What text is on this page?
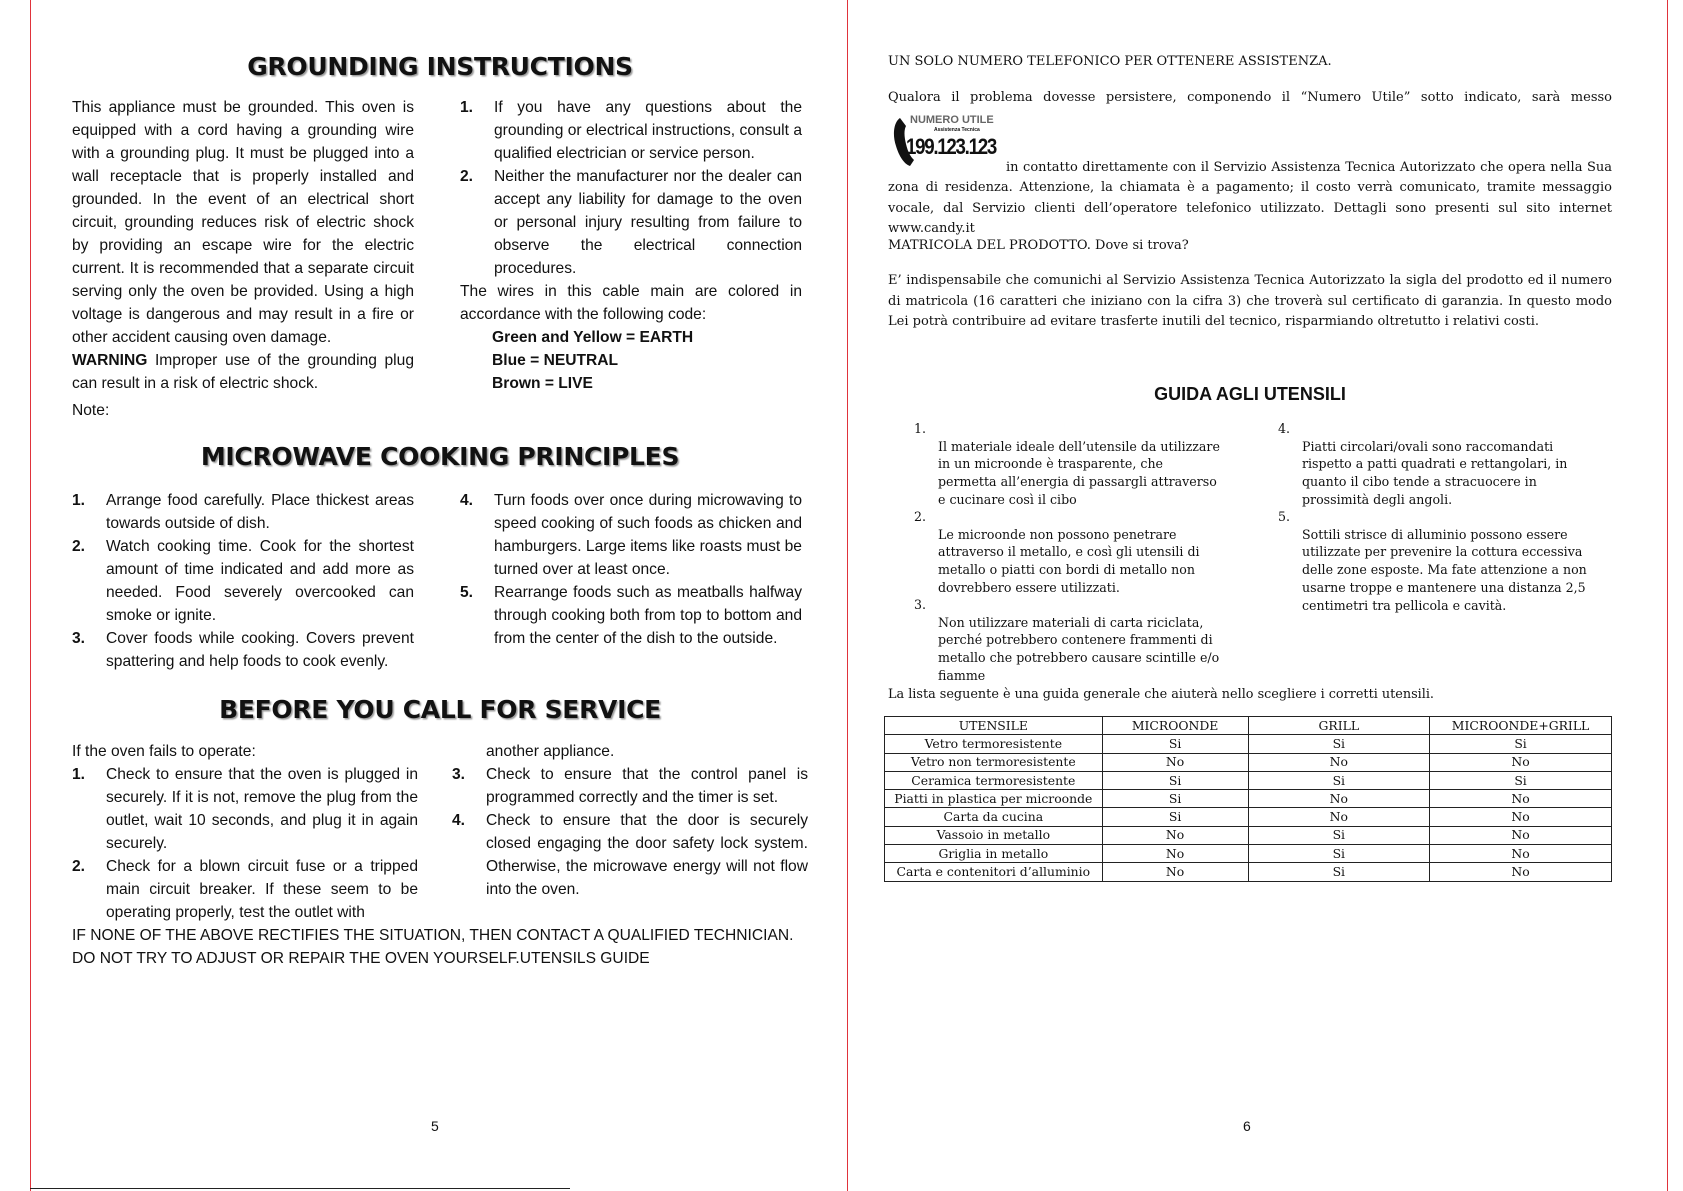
GROUNDING INSTRUCTIONS

This appliance must be grounded. This oven is equipped with a cord having a grounding wire with a grounding plug. It must be plugged into a wall receptacle that is properly installed and grounded. In the event of an electrical short circuit, grounding reduces risk of electric shock by providing an escape wire for the electric current. It is recommended that a separate circuit serving only the oven be provided. Using a high voltage is dangerous and may result in a fire or other accident causing oven damage.

WARNING Improper use of the grounding plug can result in a risk of electric shock.

Note:

1.	If you have any questions about the grounding or electrical instructions, consult a qualified electrician or service person.
2.	Neither the manufacturer nor the dealer can accept any liability for damage to the oven or personal injury resulting from failure to observe the electrical connection procedures.

The wires in this cable main are colored in accordance with the following code:

Green and Yellow = EARTH
Blue = NEUTRAL
Brown = LIVE
MICROWAVE COOKING PRINCIPLES
1.	Arrange food carefully. Place thickest areas towards outside of dish.
2.	Watch cooking time. Cook for the shortest amount of time indicated and add more as needed. Food severely overcooked can smoke or ignite.
3.	Cover foods while cooking. Covers prevent spattering and help foods to cook evenly.
4.	Turn foods over once during microwaving to speed cooking of such foods as chicken and hamburgers. Large items like roasts must be turned over at least once.
5.	Rearrange foods such as meatballs halfway through cooking both from top to bottom and from the center of the dish to the outside.
BEFORE YOU CALL FOR SERVICE

If the oven fails to operate:

1.	Check to ensure that the oven is plugged in securely. If it is not, remove the plug from the outlet, wait 10 seconds, and plug it in again securely.
2.	Check for a blown circuit fuse or a tripped main circuit breaker. If these seem to be operating properly, test the outlet with
another appliance.
3.	Check to ensure that the control panel is programmed correctly and the timer is set.
4.	Check to ensure that the door is securely closed engaging the door safety lock system. Otherwise, the microwave energy will not flow into the oven.
IF NONE OF THE ABOVE RECTIFIES THE SITUATION, THEN CONTACT A QUALIFIED TECHNICIAN.
DO NOT TRY TO ADJUST OR REPAIR THE OVEN YOURSELF.UTENSILS GUIDE
5
UN SOLO NUMERO TELEFONICO PER OTTENERE ASSISTENZA.

Qualora il problema dovesse persistere, componendo il “Numero Utile” sotto indicato, sarà messo

NUMERO UTILE
Assistenza Tecnica
199.123.123

in contatto direttamente con il Servizio Assistenza Tecnica Autorizzato che opera nella Sua

zona di residenza. Attenzione, la chiamata è a pagamento; il costo verrà comunicato, tramite messaggio vocale, dal Servizio clienti dell’operatore telefonico utilizzato. Dettagli sono presenti sul sito internet www.candy.it

MATRICOLA DEL PRODOTTO. Dove si trova?

E’ indispensabile che comunichi al Servizio Assistenza Tecnica Autorizzato la sigla del prodotto ed il numero di matricola (16 caratteri che iniziano con la cifra 3) che troverà sul certificato di garanzia. In questo modo Lei potrà contribuire ad evitare trasferte inutili del tecnico, risparmiando oltretutto i relativi costi.

GUIDA AGLI UTENSILI
1.
Il materiale ideale dell’utensile da utilizzare in un microonde è trasparente, che permetta all’energia di passargli attraverso e cucinare così il cibo
2.
Le microonde non possono penetrare attraverso il metallo, e così gli utensili di metallo o piatti con bordi di metallo non dovrebbero essere utilizzati.
3.
Non utilizzare materiali di carta riciclata, perché potrebbero contenere frammenti di metallo che potrebbero causare scintille e/o fiamme
4.
Piatti circolari/ovali sono raccomandati rispetto a patti quadrati e rettangolari, in quanto il cibo tende a stracuocere in prossimità degli angoli.
5.
Sottili strisce di alluminio possono essere utilizzate per prevenire la cottura eccessiva delle zone esposte. Ma fate attenzione a non usarne troppe e mantenere una distanza 2,5 centimetri tra pellicola e cavità.
La lista seguente è una guida generale che aiuterà nello scegliere i corretti utensili.
UTENSILE	MICROONDE	GRILL	MICROONDE+GRILL
Vetro termoresistente	Si	Si	Si
Vetro non termoresistente	No	No	No
Ceramica termoresistente	Si	Si	Si
Piatti in plastica per microonde	Si	No	No
Carta da cucina	Si	No	No
Vassoio in metallo	No	Si	No
Griglia in metallo	No	Si	No
Carta e contenitori d’alluminio	No	Si	No
6
